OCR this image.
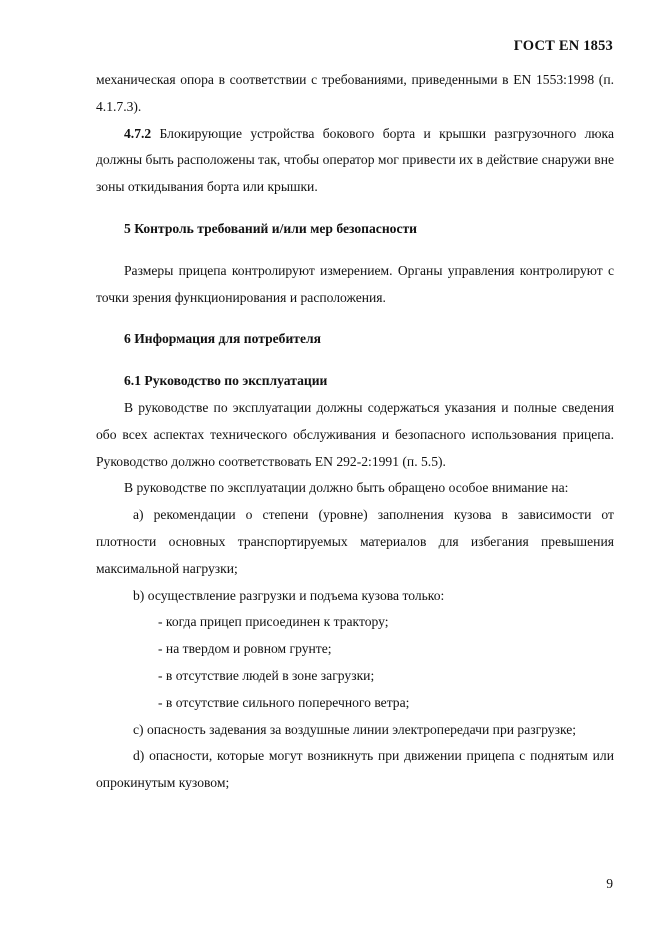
ГОСТ EN 1853

механическая опора в соответствии с требованиями, приведенными в EN 1553:1998 (п. 4.1.7.3).

4.7.2 Блокирующие устройства бокового борта и крышки разгрузочного люка должны быть расположены так, чтобы оператор мог привести их в действие снаружи вне зоны откидывания борта или крышки.

5 Контроль требований и/или мер безопасности

Размеры прицепа контролируют измерением. Органы управления контролируют с точки зрения функционирования и расположения.

6 Информация для потребителя
6.1 Руководство по эксплуатации

В руководстве по эксплуатации должны содержаться указания и полные сведения обо всех аспектах технического обслуживания и безопасного использования прицепа. Руководство должно соответствовать EN 292-2:1991 (п. 5.5).

В руководстве по эксплуатации должно быть обращено особое внимание на:

a) рекомендации о степени (уровне) заполнения кузова в зависимости от плотности основных транспортируемых материалов для избегания превышения максимальной нагрузки;

b) осуществление разгрузки и подъема кузова только:

- когда прицеп присоединен к трактору;

- на твердом и ровном грунте;

- в отсутствие людей в зоне загрузки;

- в отсутствие сильного поперечного ветра;

c) опасность задевания за воздушные линии электропередачи при разгрузке;

d) опасности, которые могут возникнуть при движении прицепа с поднятым или опрокинутым кузовом;

9
